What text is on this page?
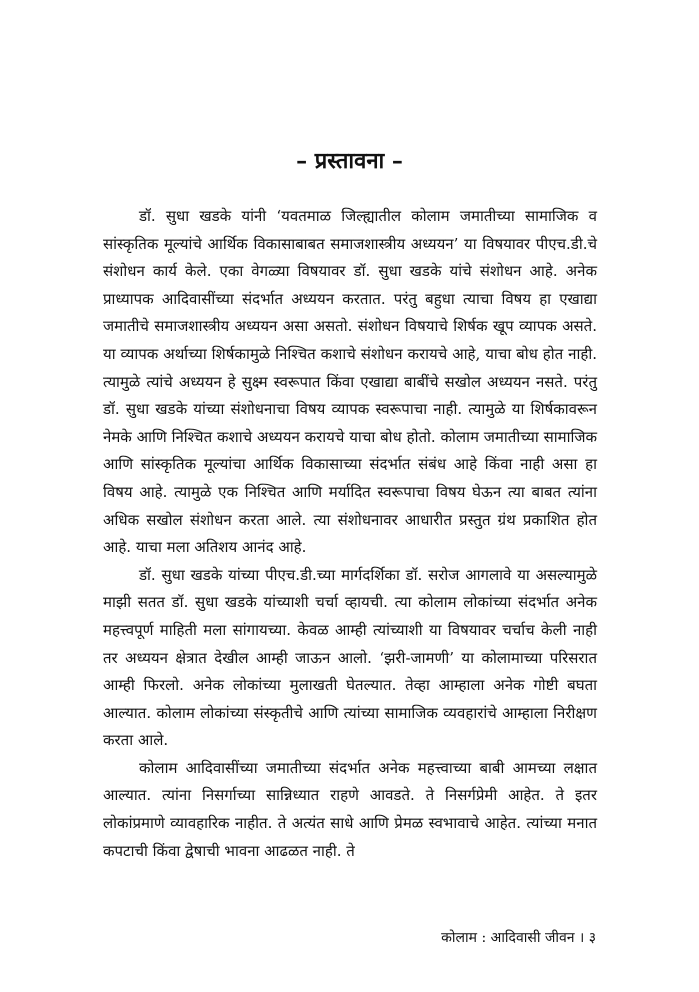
– प्रस्तावना –

डॉ. सुधा खडके यांनी ‘यवतमाळ जिल्ह्यातील कोलाम जमातीच्या सामाजिक व सांस्कृतिक मूल्यांचे आर्थिक विकासाबाबत समाजशास्त्रीय अध्ययन’ या विषयावर पीएच.डी.चे संशोधन कार्य केले. एका वेगळ्या विषयावर डॉ. सुधा खडके यांचे संशोधन आहे. अनेक प्राध्यापक आदिवासींच्या संदर्भात अध्ययन करतात. परंतु बहुधा त्याचा विषय हा एखाद्या जमातीचे समाजशास्त्रीय अध्ययन असा असतो. संशोधन विषयाचे शिर्षक खूप व्यापक असते. या व्यापक अर्थाच्या शिर्षकामुळे निश्चित कशाचे संशोधन करायचे आहे, याचा बोध होत नाही. त्यामुळे त्यांचे अध्ययन हे सुक्ष्म स्वरूपात किंवा एखाद्या बाबींचे सखोल अध्ययन नसते. परंतु डॉ. सुधा खडके यांच्या संशोधनाचा विषय व्यापक स्वरूपाचा नाही. त्यामुळे या शिर्षकावरून नेमके आणि निश्चित कशाचे अध्ययन करायचे याचा बोध होतो. कोलाम जमातीच्या सामाजिक आणि सांस्कृतिक मूल्यांचा आर्थिक विकासाच्या संदर्भात संबंध आहे किंवा नाही असा हा विषय आहे. त्यामुळे एक निश्चित आणि मर्यादित स्वरूपाचा विषय घेऊन त्या बाबत त्यांना अधिक सखोल संशोधन करता आले. त्या संशोधनावर आधारीत प्रस्तुत ग्रंथ प्रकाशित होत आहे. याचा मला अतिशय आनंद आहे.

डॉ. सुधा खडके यांच्या पीएच.डी.च्या मार्गदर्शिका डॉ. सरोज आगलावे या असल्यामुळे माझी सतत डॉ. सुधा खडके यांच्याशी चर्चा व्हायची. त्या कोलाम लोकांच्या संदर्भात अनेक महत्त्वपूर्ण माहिती मला सांगायच्या. केवळ आम्ही त्यांच्याशी या विषयावर चर्चाच केली नाही तर अध्ययन क्षेत्रात देखील आम्ही जाऊन आलो. ‘झरी-जामणी’ या कोलामाच्या परिसरात आम्ही फिरलो. अनेक लोकांच्या मुलाखती घेतल्यात. तेव्हा आम्हाला अनेक गोष्टी बघता आल्यात. कोलाम लोकांच्या संस्कृतीचे आणि त्यांच्या सामाजिक व्यवहारांचे आम्हाला निरीक्षण करता आले.

कोलाम आदिवासींच्या जमातीच्या संदर्भात अनेक महत्त्वाच्या बाबी आमच्या लक्षात आल्यात. त्यांना निसर्गाच्या सान्निध्यात राहणे आवडते. ते निसर्गप्रेमी आहेत. ते इतर लोकांप्रमाणे व्यावहारिक नाहीत. ते अत्यंत साधे आणि प्रेमळ स्वभावाचे आहेत. त्यांच्या मनात कपटाची किंवा द्वेषाची भावना आढळत नाही. ते

कोलाम : आदिवासी जीवन । ३
